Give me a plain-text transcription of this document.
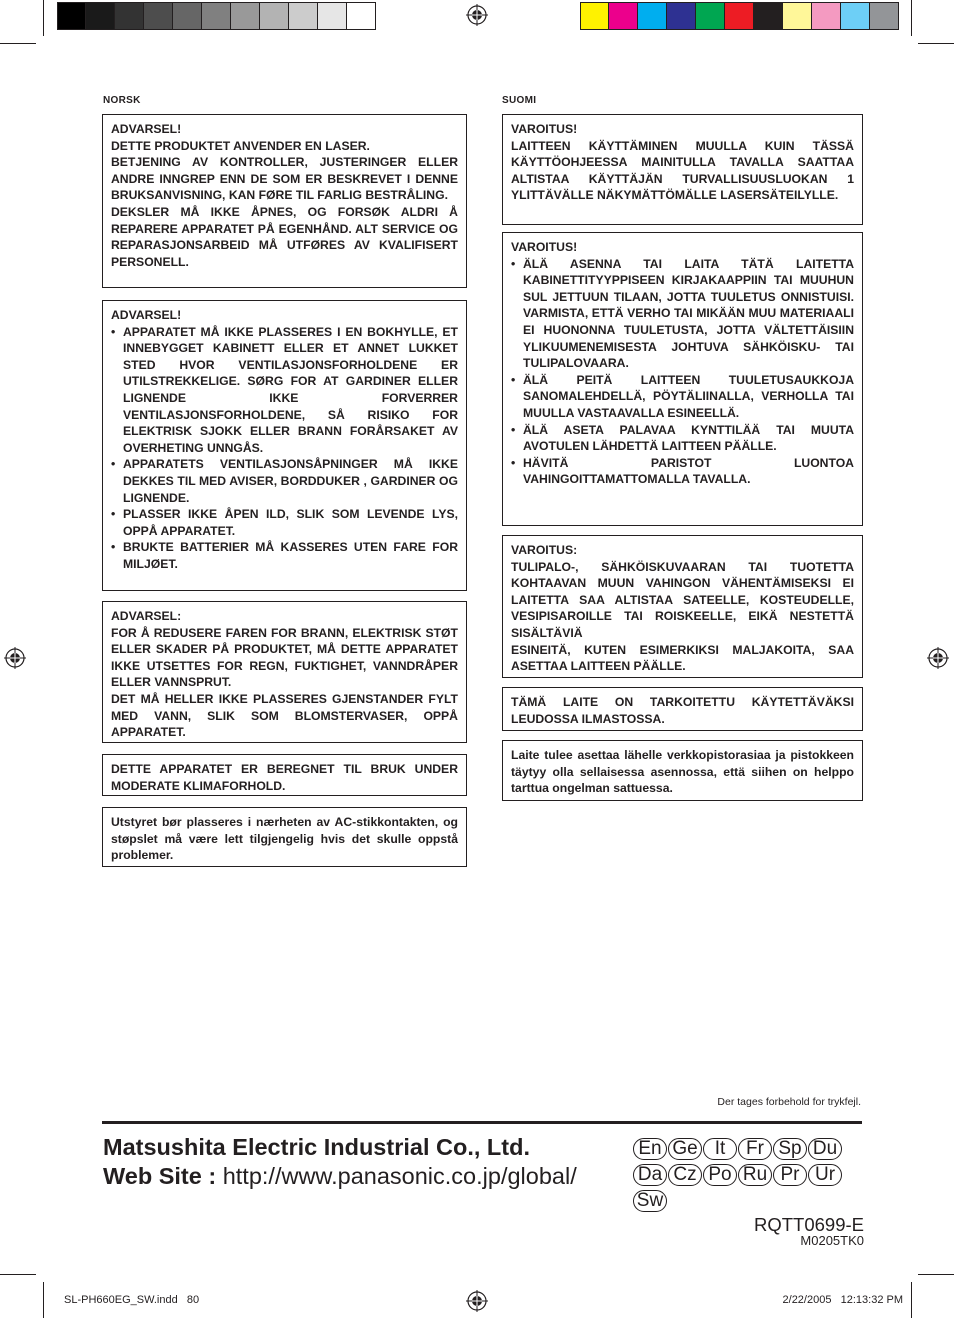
NORSK

ADVARSEL!

DETTE PRODUKTET ANVENDER EN LASER.

BETJENING AV KONTROLLER, JUSTERINGER ELLER ANDRE INNGREP ENN DE SOM ER BESKREVET I DENNE BRUKSANVISNING, KAN FØRE TIL FARLIG BESTRÅLING.

DEKSLER MÅ IKKE ÅPNES, OG FORSØK ALDRI Å REPARERE APPARATET PÅ EGENHÅND. ALT SERVICE OG REPARASJONSARBEID MÅ UTFØRES AV KVALIFISERT PERSONELL.

ADVARSEL!

• APPARATET MÅ IKKE PLASSERES I EN BOKHYLLE, ET INNEBYGGET KABINETT ELLER ET ANNET LUKKET STED HVOR VENTILASJONSFORHOLDENE ER UTILSTREKKELIGE. SØRG FOR AT GARDINER ELLER LIGNENDE IKKE FORVERRER VENTILASJONSFORHOLDENE, SÅ RISIKO FOR ELEKTRISK SJOKK ELLER BRANN FORÅRSAKET AV OVERHETING UNNGÅS.
• APPARATETS VENTILASJONSÅPNINGER MÅ IKKE DEKKES TIL MED AVISER, BORDDUKER , GARDINER OG LIGNENDE.
• PLASSER IKKE ÅPEN ILD, SLIK SOM LEVENDE LYS, OPPÅ APPARATET.
• BRUKTE BATTERIER MÅ KASSERES UTEN FARE FOR MILJØET.

ADVARSEL:

FOR Å REDUSERE FAREN FOR BRANN, ELEKTRISK STØT ELLER SKADER PÅ PRODUKTET, MÅ DETTE APPARATET IKKE UTSETTES FOR REGN, FUKTIGHET, VANNDRÅPER ELLER VANNSPRUT.

DET MÅ HELLER IKKE PLASSERES GJENSTANDER FYLT MED VANN, SLIK SOM BLOMSTERVASER, OPPÅ APPARATET.

DETTE APPARATET ER BEREGNET TIL BRUK UNDER MODERATE KLIMAFORHOLD.

Utstyret bør plasseres i nærheten av AC-stikkontakten, og støpslet må være lett tilgjengelig hvis det skulle oppstå problemer.

SUOMI

VAROITUS!

LAITTEEN KÄYTTÄMINEN MUULLA KUIN TÄSSÄ KÄYTTÖOHJEESSA MAINITULLA TAVALLA SAATTAA ALTISTAA KÄYTTÄJÄN TURVALLISUUSLUOKAN 1 YLITTÄVÄLLE NÄKYMÄTTÖMÄLLE LASERSÄTEILYLLE.

VAROITUS!

• ÄLÄ ASENNA TAI LAITA TÄTÄ LAITETTA KABINETTITYYPPISEEN KIRJAKAAPPIIN TAI MUUHUN SUL JETTUUN TILAAN, JOTTA TUULETUS ONNISTUISI. VARMISTA, ETTÄ VERHO TAI MIKÄÄN MUU MATERIAALI EI HUONONNA TUULETUSTA, JOTTA VÄLTETTÄISIIN YLIKUUMENEMISESTA JOHTUVA SÄHKÖISKU- TAI TULIPALOVAARA.
• ÄLÄ PEITÄ LAITTEEN TUULETUSAUKKOJA SANOMALEHDELLÄ, PÖYTÄLIINALLA, VERHOLLA TAI MUULLA VASTAAVALLA ESINEELLÄ.
• ÄLÄ ASETA PALAVAA KYNTTILÄÄ TAI MUUTA AVOTULEN LÄHDETTÄ LAITTEEN PÄÄLLE.
• HÄVITÄ PARISTOT LUONTOA VAHINGOITTAMATTOMALLA TAVALLA.

VAROITUS:

TULIPALO-, SÄHKÖISKUVAARAN TAI TUOTETTA KOHTAAVAN MUUN VAHINGON VÄHENTÄMISEKSI EI LAITETTA SAA ALTISTAA SATEELLE, KOSTEUDELLE, VESIPISAROILLE TAI ROISKEELLE, EIKÄ NESTETTÄ SISÄLTÄVIÄ

ESINEITÄ, KUTEN ESIMERKIKSI MALJAKOITA, SAA ASETTAA LAITTEEN PÄÄLLE.

TÄMÄ LAITE ON TARKOITETTU KÄYTETTÄVÄKSI LEUDOSSA ILMASTOSSA.

Laite tulee asettaa lähelle verkkopistorasiaa ja pistokkeen täytyy olla sellaisessa asennossa, että siihen on helppo tarttua ongelman sattuessa.

Der tages forbehold for trykfejl.
Matsushita Electric Industrial Co., Ltd.
Web Site : http://www.panasonic.co.jp/global/
En Ge It Fr Sp DuDa Cz Po Ru Pr UrSw
RQTT0699-E
M0205TK0
SL-PH660EG_SW.indd   80	2/22/2005   12:13:32 PM
